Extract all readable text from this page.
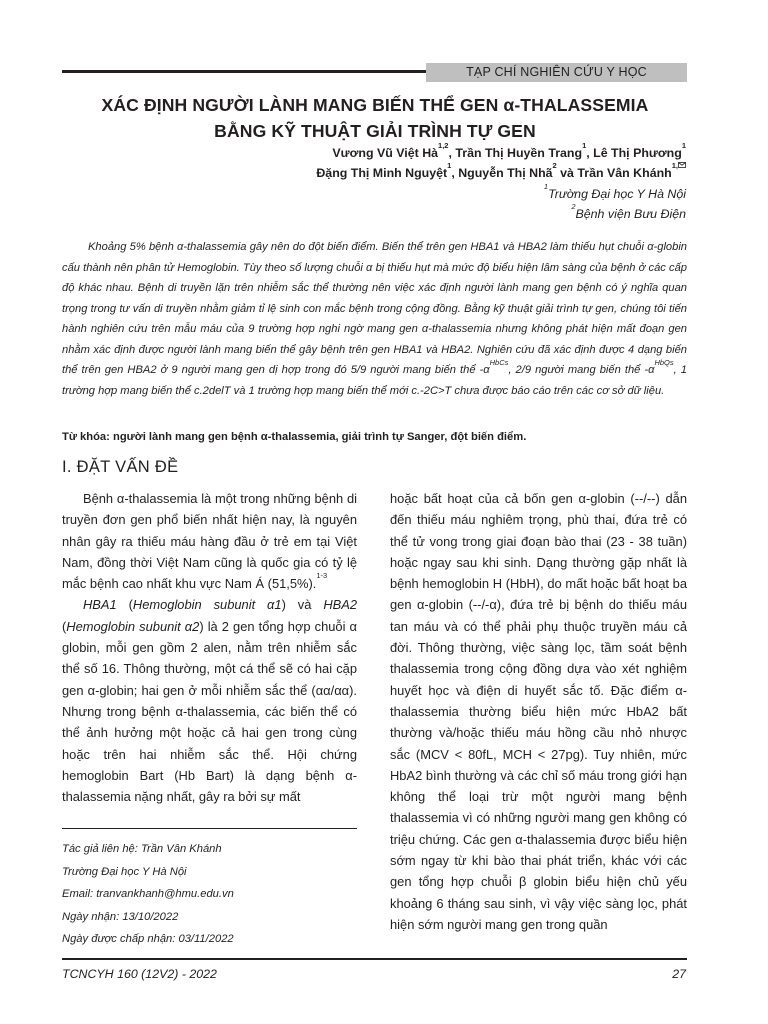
TẠP CHÍ NGHIÊN CỨU Y HỌC
XÁC ĐỊNH NGƯỜI LÀNH MANG BIẾN THỂ GEN α-THALASSEMIA
BẰNG KỸ THUẬT GIẢI TRÌNH TỰ GEN
Vương Vũ Việt Hà$^{1,2}$, Trần Thị Huyền Trang$^1$, Lê Thị Phương$^1$
Đặng Thị Minh Nguyệt$^1$, Nguyễn Thị Nhã$^2$ và Trần Vân Khánh$^{1,}$
$^1$Trường Đại học Y Hà Nội
$^2$Bệnh viện Bưu Điện

Khoảng 5% bệnh α-thalassemia gây nên do đột biến điểm. Biến thể trên gen HBA1 và HBA2 làm thiếu hụt chuỗi α-globin cấu thành nên phân tử Hemoglobin. Tùy theo số lượng chuỗi α bị thiếu hụt mà mức độ biểu hiện lâm sàng của bệnh ở các cấp độ khác nhau. Bệnh di truyền lặn trên nhiễm sắc thể thường nên việc xác định người lành mang gen bệnh có ý nghĩa quan trọng trong tư vấn di truyền nhằm giảm tỉ lệ sinh con mắc bệnh trong cộng đồng. Bằng kỹ thuật giải trình tự gen, chúng tôi tiến hành nghiên cứu trên mẫu máu của 9 trường hợp nghi ngờ mang gen α-thalassemia nhưng không phát hiện mất đoạn gen nhằm xác định được người lành mang biến thể gây bệnh trên gen HBA1 và HBA2. Nghiên cứu đã xác định được 4 dạng biến thể trên gen HBA2 ở 9 người mang gen dị hợp trong đó 5/9 người mang biến thể $-\alpha^{HbCs}$, 2/9 người mang biến thể $-\alpha^{HbQs}$, 1 trường hợp mang biến thể c.2delT và 1 trường hợp mang biến thể mới c.-2C>T chưa được báo cáo trên các cơ sở dữ liệu.

Từ khóa: người lành mang gen bệnh α-thalassemia, giải trình tự Sanger, đột biến điểm.
I. ĐẶT VẤN ĐỀ

Bệnh α-thalassemia là một trong những bệnh di truyền đơn gen phổ biến nhất hiện nay, là nguyên nhân gây ra thiếu máu hàng đầu ở trẻ em tại Việt Nam, đồng thời Việt Nam cũng là quốc gia có tỷ lệ mắc bệnh cao nhất khu vực Nam Á (51,5%).$^{1-3}$

HBA1 (Hemoglobin subunit α1) và HBA2 (Hemoglobin subunit α2) là 2 gen tổng hợp chuỗi α globin, mỗi gen gồm 2 alen, nằm trên nhiễm sắc thể số 16. Thông thường, một cá thể sẽ có hai cặp gen α-globin; hai gen ở mỗi nhiễm sắc thể (αα/αα). Nhưng trong bệnh α-thalassemia, các biến thể có thể ảnh hưởng một hoặc cả hai gen trong cùng hoặc trên hai nhiễm sắc thể. Hội chứng hemoglobin Bart (Hb Bart) là dạng bệnh α-thalassemia nặng nhất, gây ra bởi sự mất

hoặc bất hoạt của cả bốn gen α-globin (--/--) dẫn đến thiếu máu nghiêm trọng, phù thai, đứa trẻ có thể tử vong trong giai đoạn bào thai (23 - 38 tuần) hoặc ngay sau khi sinh. Dạng thường gặp nhất là bệnh hemoglobin H (HbH), do mất hoặc bất hoạt ba gen α-globin (--/-α), đứa trẻ bị bệnh do thiếu máu tan máu và có thể phải phụ thuộc truyền máu cả đời. Thông thường, việc sàng lọc, tầm soát bệnh thalassemia trong cộng đồng dựa vào xét nghiệm huyết học và điện di huyết sắc tố. Đặc điểm α-thalassemia thường biểu hiện mức HbA2 bất thường và/hoặc thiếu máu hồng cầu nhỏ nhược sắc (MCV < 80fL, MCH < 27pg). Tuy nhiên, mức HbA2 bình thường và các chỉ số máu trong giới hạn không thể loại trừ một người mang bệnh thalassemia vì có những người mang gen không có triệu chứng. Các gen α-thalassemia được biểu hiện sớm ngay từ khi bào thai phát triển, khác với các gen tổng hợp chuỗi β globin biểu hiện chủ yếu khoảng 6 tháng sau sinh, vì vậy việc sàng lọc, phát hiện sớm người mang gen trong quần

Tác giả liên hệ: Trần Vân Khánh
Trường Đại học Y Hà Nội
Email: tranvankhanh@hmu.edu.vn
Ngày nhận: 13/10/2022
Ngày được chấp nhận: 03/11/2022
TCNCYH 160 (12V2) - 2022	27
